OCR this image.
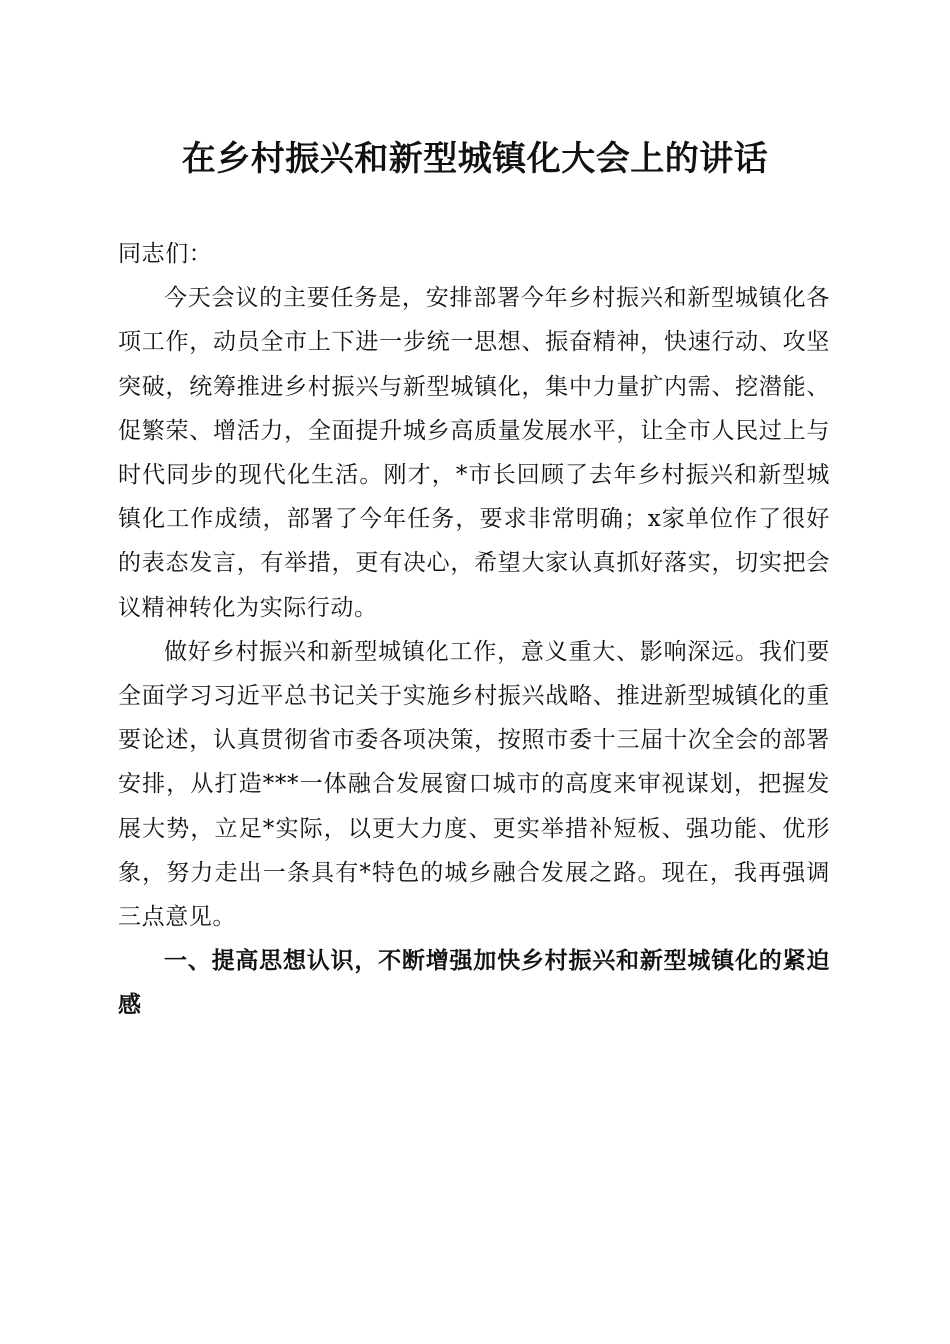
在乡村振兴和新型城镇化大会上的讲话

同志们：

今天会议的主要任务是，安排部署今年乡村振兴和新型城镇化各项工作，动员全市上下进一步统一思想、振奋精神，快速行动、攻坚突破，统筹推进乡村振兴与新型城镇化，集中力量扩内需、挖潜能、促繁荣、增活力，全面提升城乡高质量发展水平，让全市人民过上与时代同步的现代化生活。刚才，*市长回顾了去年乡村振兴和新型城镇化工作成绩，部署了今年任务，要求非常明确；x家单位作了很好的表态发言，有举措，更有决心，希望大家认真抓好落实，切实把会议精神转化为实际行动。

做好乡村振兴和新型城镇化工作，意义重大、影响深远。我们要全面学习习近平总书记关于实施乡村振兴战略、推进新型城镇化的重要论述，认真贯彻省市委各项决策，按照市委十三届十次全会的部署安排，从打造***一体融合发展窗口城市的高度来审视谋划，把握发展大势，立足*实际，以更大力度、更实举措补短板、强功能、优形象，努力走出一条具有*特色的城乡融合发展之路。现在，我再强调三点意见。

一、提高思想认识，不断增强加快乡村振兴和新型城镇化的紧迫感
